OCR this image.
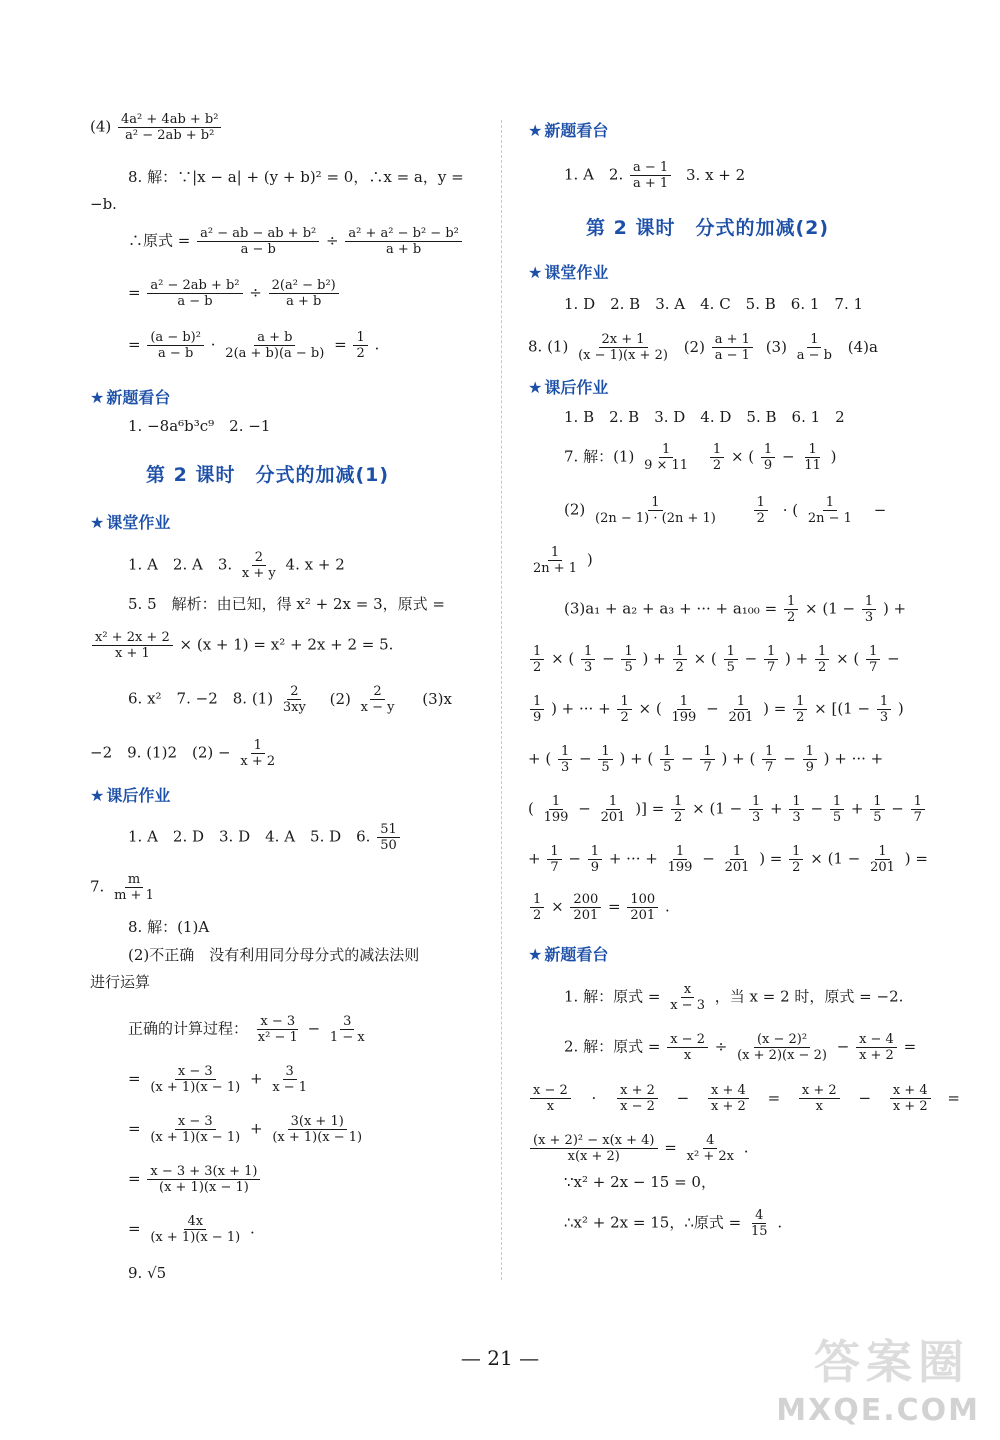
$(4) \frac{\text{4a² + 4ab + b²}}{\text{a² − 2ab + b²}}$
8. 解：∵|x − a| + (y + b)² = 0，∴x = a，y =
−b.
∴原式 = $\frac{\text{a² − ab − ab + b²}}{a - b} \div \frac{\text{a² + a² − b² − b²}}{a + b}$
= $\frac{\text{a² − 2ab + b²}}{a - b} \div \frac{\text{2(a² − b²)}}{a + b}$
= $\frac{\text{(a − b)²}}{a - b} \cdot \frac{a + b}{2(a + b)(a - b)} = \frac{1}{2}$ .
★ 新题看台
1. −8a⁶b³c⁹　2. −1
第 2 课时　分式的加减(1)
★ 课堂作业
1. A　2. A　3. $\frac{2}{x + y} 4$. x + 2
5. 5　解析：由已知，得 x² + 2x = 3，原式 =
$\frac{\text{x² + 2x + 2}}{x + 1} \times (x + 1) = x^2 + 2x + 2 = 5$.
6. x²　7. −2　8. $(1) \frac{2}{3xy} (2) \frac{2}{x - y} (3)x$
−2　9. (1)2　$(2) - \frac{1}{x + 2}$
★ 课后作业
1. A　2. D　3. D　4. A　5. D　6. $\frac{51}{50}$
7. $\frac{m}{m + 1}$
8. 解：(1)A
(2)不正确　没有利用同分母分式的减法法则
进行运算
正确的计算过程： $\frac{x - 3}{\text{x² − 1}} - \frac{3}{1 - x}$
= $\frac{x - 3}{(x + 1)(x - 1)} + \frac{3}{x - 1}$
= $\frac{x - 3}{(x + 1)(x - 1)} + \frac{3(x + 1)}{(x + 1)(x - 1)}$
= $\frac{x - 3 + 3(x + 1)}{(x + 1)(x - 1)}$
= $\frac{4x}{(x + 1)(x - 1)}$ .
9. √5
★ 新题看台
1. A　2. $\frac{a - 1}{a + 1} 3$. x + 2
第 2 课时　分式的加减(2)
★ 课堂作业
1. D　2. B　3. A　4. C　5. B　6. 1　7. 1
8. $(1) \frac{2x + 1}{(x - 1)(x + 2)} (2) \frac{a + 1}{a - 1} (3) \frac{1}{a - b} (4)a$
★ 课后作业
1. B　2. B　3. D　4. D　5. B　6. 1　2
7. 解：$(1) \frac{1}{9 \times 11}$
$\frac{1}{2}$ × ( $\frac{1}{9} - \frac{1}{11}$ )
$(2) \frac{1}{(2n - 1) \cdot (2n + 1)}$
	$\frac{1}{2}$ · ( $\frac{1}{2n - 1}$ −
$\frac{1}{2n + 1}$ )
(3)a₁ + a₂ + a₃ + ··· + $a_{100} = \frac{1}{2} \times (1 - \frac{1}{3}$ ) +
$\frac{1}{2}$ × ( $\frac{1}{3} - \frac{1}{5}$ ) + $\frac{1}{2}$ × ( $\frac{1}{5} - \frac{1}{7}$ ) + $\frac{1}{2}$ × ( $\frac{1}{7}$ −
$\frac{1}{9}$ ) + ··· + $\frac{1}{2}$ × ( $\frac{1}{199} - \frac{1}{201}$ ) = $\frac{1}{2} \times [(1 - \frac{1}{3}$ )
+ ( $\frac{1}{3} - \frac{1}{5}$ ) + ( $\frac{1}{5} - \frac{1}{7}$ ) + ( $\frac{1}{7} - \frac{1}{9}$ ) + ··· +
( $\frac{1}{199} - \frac{1}{201}$ )] = $\frac{1}{2} \times (1 - \frac{1}{3} + \frac{1}{3} - \frac{1}{5} + \frac{1}{5} - \frac{1}{7}$
+ $\frac{1}{7} - \frac{1}{9}$ + ··· + $\frac{1}{199} - \frac{1}{201}$ ) = $\frac{1}{2} \times (1 - \frac{1}{201}$ ) =
$\frac{1}{2} \times \frac{200}{201} = \frac{100}{201}$ .
★ 新题看台
1. 解：原式 = $\frac{x}{x - 3}$ ，当 x = 2 时，原式 = −2.
2. 解：原式 = $\frac{x - 2}{x} \div \frac{\text{(x − 2)²}}{(x + 2)(x - 2)} - \frac{x - 4}{x + 2}$ =
$\frac{x - 2}{x} \cdot \frac{x + 2}{x - 2} - \frac{x + 4}{x + 2} = \frac{x + 2}{x} - \frac{x + 4}{x + 2}$ =
$\frac{\text{(x + 2)² − x(x + 4)}}{x(x + 2)} = \frac{4}{\text{x² + 2x}}$ .
∵x² + 2x − 15 = 0，
∴x² + 2x = 15，∴原式 = $\frac{4}{15}$ .
— 21 —	答案圈
MXQE.COM
